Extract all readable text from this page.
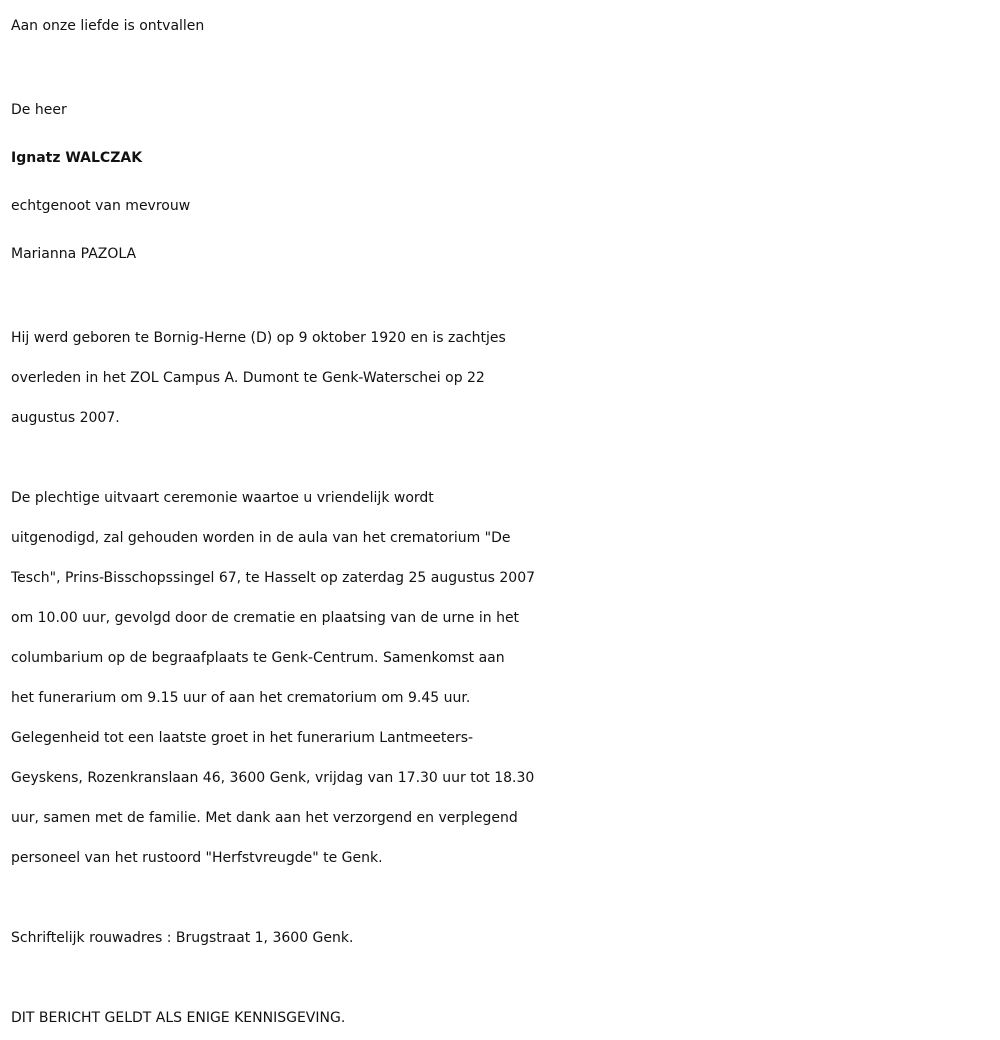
Aan onze liefde is ontvallen

De heer

Ignatz WALCZAK

echtgenoot van mevrouw

Marianna PAZOLA

Hij werd geboren te Bornig-Herne (D) op 9 oktober 1920 en is zachtjes

overleden in het ZOL Campus A. Dumont te Genk-Waterschei op 22

augustus 2007.

De plechtige uitvaart ceremonie waartoe u vriendelijk wordt

uitgenodigd, zal gehouden worden in de aula van het crematorium "De

Tesch", Prins-Bisschopssingel 67, te Hasselt op zaterdag 25 augustus 2007

om 10.00 uur, gevolgd door de crematie en plaatsing van de urne in het

columbarium op de begraafplaats te Genk-Centrum. Samenkomst aan

het funerarium om 9.15 uur of aan het crematorium om 9.45 uur.

Gelegenheid tot een laatste groet in het funerarium Lantmeeters-

Geyskens, Rozenkranslaan 46, 3600 Genk, vrijdag van 17.30 uur tot 18.30

uur, samen met de familie. Met dank aan het verzorgend en verplegend

personeel van het rustoord "Herfstvreugde" te Genk.

Schriftelijk rouwadres : Brugstraat 1, 3600 Genk.

DIT BERICHT GELDT ALS ENIGE KENNISGEVING.
